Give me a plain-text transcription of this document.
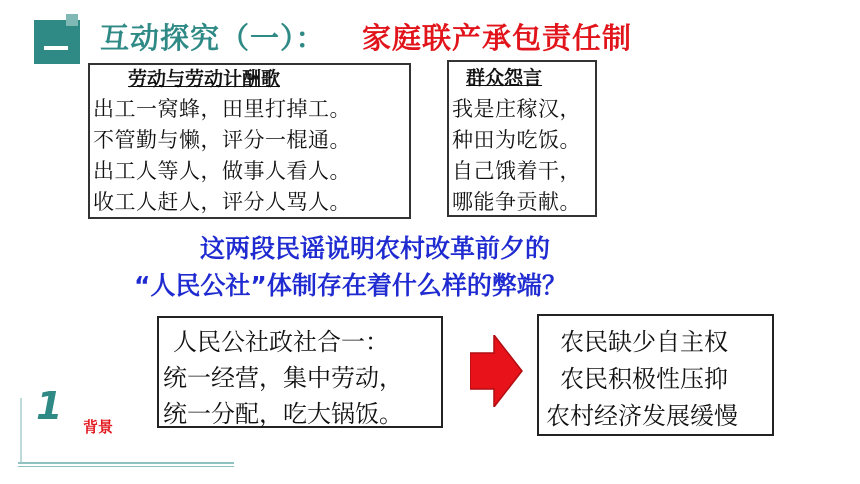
互动探究（一）： 家庭联产承包责任制
劳动与劳动计酬歌
出工一窝蜂，田里打掉工。
不管勤与懒，评分一棍通。
出工人等人，做事人看人。
收工人赶人，评分人骂人。
群众怨言
我是庄稼汉，
种田为吃饭。
自己饿着干，
哪能争贡献。
这两段民谣说明农村改革前夕的
“人民公社”体制存在着什么样的弊端？
人民公社政社合一：
统一经营，集中劳动，
统一分配，吃大锅饭。
农民缺少自主权
农民积极性压抑
农村经济发展缓慢
1 背景
